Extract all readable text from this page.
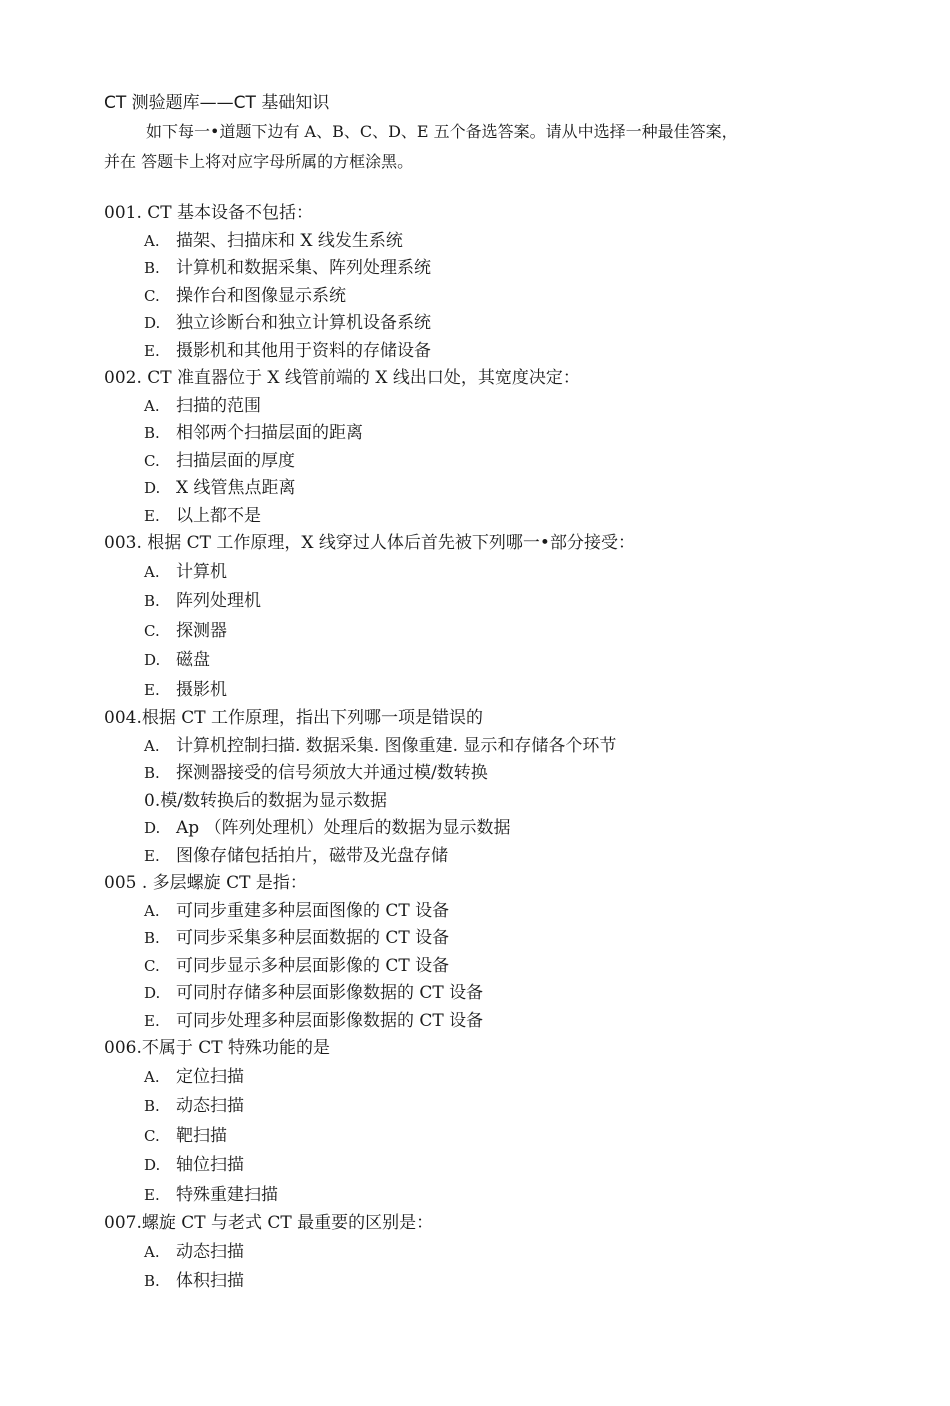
CT 测验题库——CT 基础知识
如下每一•道题下边有 A、B、C、D、E 五个备选答案。请从中选择一种最佳答案，
并在 答题卡上将对应字母所属的方框涂黑。
001. CT 基本设备不包括：
A. 描架、扫描床和 X 线发生系统
B. 计算机和数据采集、阵列处理系统
C. 操作台和图像显示系统
D. 独立诊断台和独立计算机设备系统
E. 摄影机和其他用于资料的存储设备
002. CT 准直器位于 X 线管前端的 X 线出口处，其宽度决定：
A. 扫描的范围
B. 相邻两个扫描层面的距离
C. 扫描层面的厚度
D. X 线管焦点距离
E. 以上都不是
003. 根据 CT 工作原理，X 线穿过人体后首先被下列哪一•部分接受：
A. 计算机
B. 阵列处理机
C. 探测器
D. 磁盘
E. 摄影机
004.根据 CT 工作原理，指出下列哪一项是错误的
A. 计算机控制扫描. 数据采集. 图像重建. 显示和存储各个环节
B. 探测器接受的信号须放大并通过模/数转换
0.模/数转换后的数据为显示数据
D. Ap （阵列处理机）处理后的数据为显示数据
E. 图像存储包括拍片，磁带及光盘存储
005 . 多层螺旋 CT 是指：
A. 可同步重建多种层面图像的 CT 设备
B. 可同步采集多种层面数据的 CT 设备
C. 可同步显示多种层面影像的 CT 设备
D. 可同肘存储多种层面影像数据的 CT 设备
E. 可同步处理多种层面影像数据的 CT 设备
006.不属于 CT 特殊功能的是
A. 定位扫描
B. 动态扫描
C. 靶扫描
D. 轴位扫描
E. 特殊重建扫描
007.螺旋 CT 与老式 CT 最重要的区别是：
A. 动态扫描
B. 体积扫描
